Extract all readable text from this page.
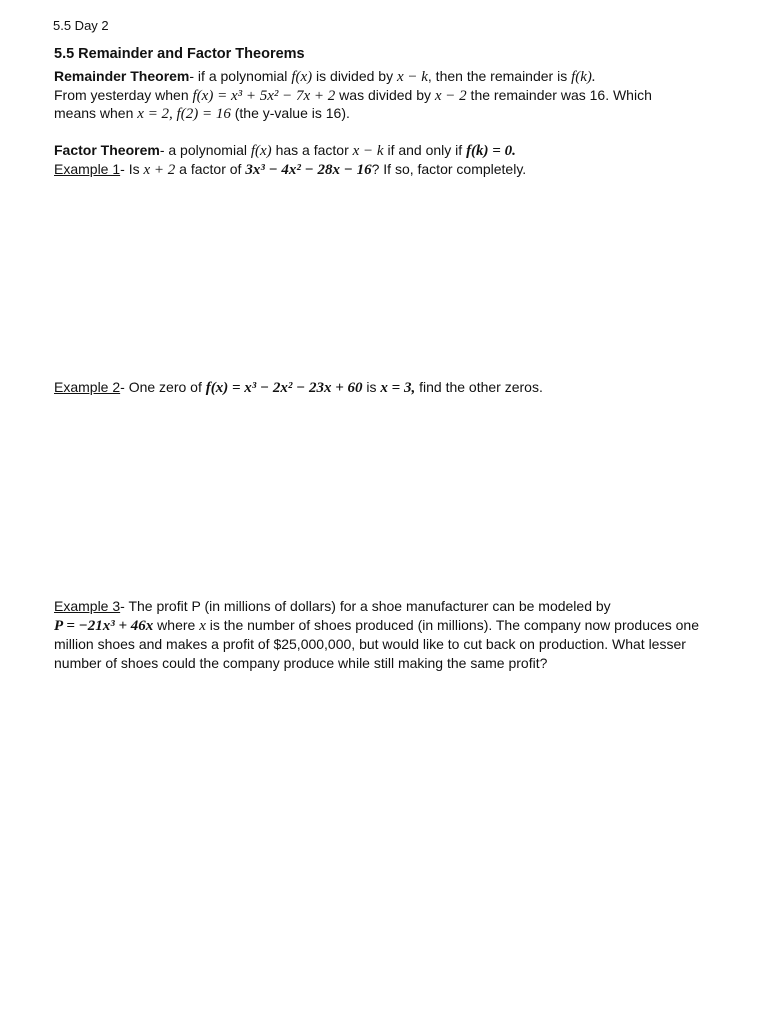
5.5 Day 2
5.5 Remainder and Factor Theorems
Remainder Theorem- if a polynomial f(x) is divided by x − k, then the remainder is f(k).
From yesterday when f(x) = x³ + 5x² − 7x + 2 was divided by x − 2 the remainder was 16. Which
means when x = 2, f(2) = 16 (the y-value is 16).
Factor Theorem- a polynomial f(x) has a factor x − k if and only if f(k) = 0.
Example 1- Is x + 2 a factor of 3x³ − 4x² − 28x − 16? If so, factor completely.
Example 2- One zero of f(x) = x³ − 2x² − 23x + 60 is x = 3, find the other zeros.
Example 3- The profit P (in millions of dollars) for a shoe manufacturer can be modeled by
P = −21x³ + 46x where x is the number of shoes produced (in millions). The company now produces one million shoes and makes a profit of $25,000,000, but would like to cut back on production. What lesser number of shoes could the company produce while still making the same profit?
